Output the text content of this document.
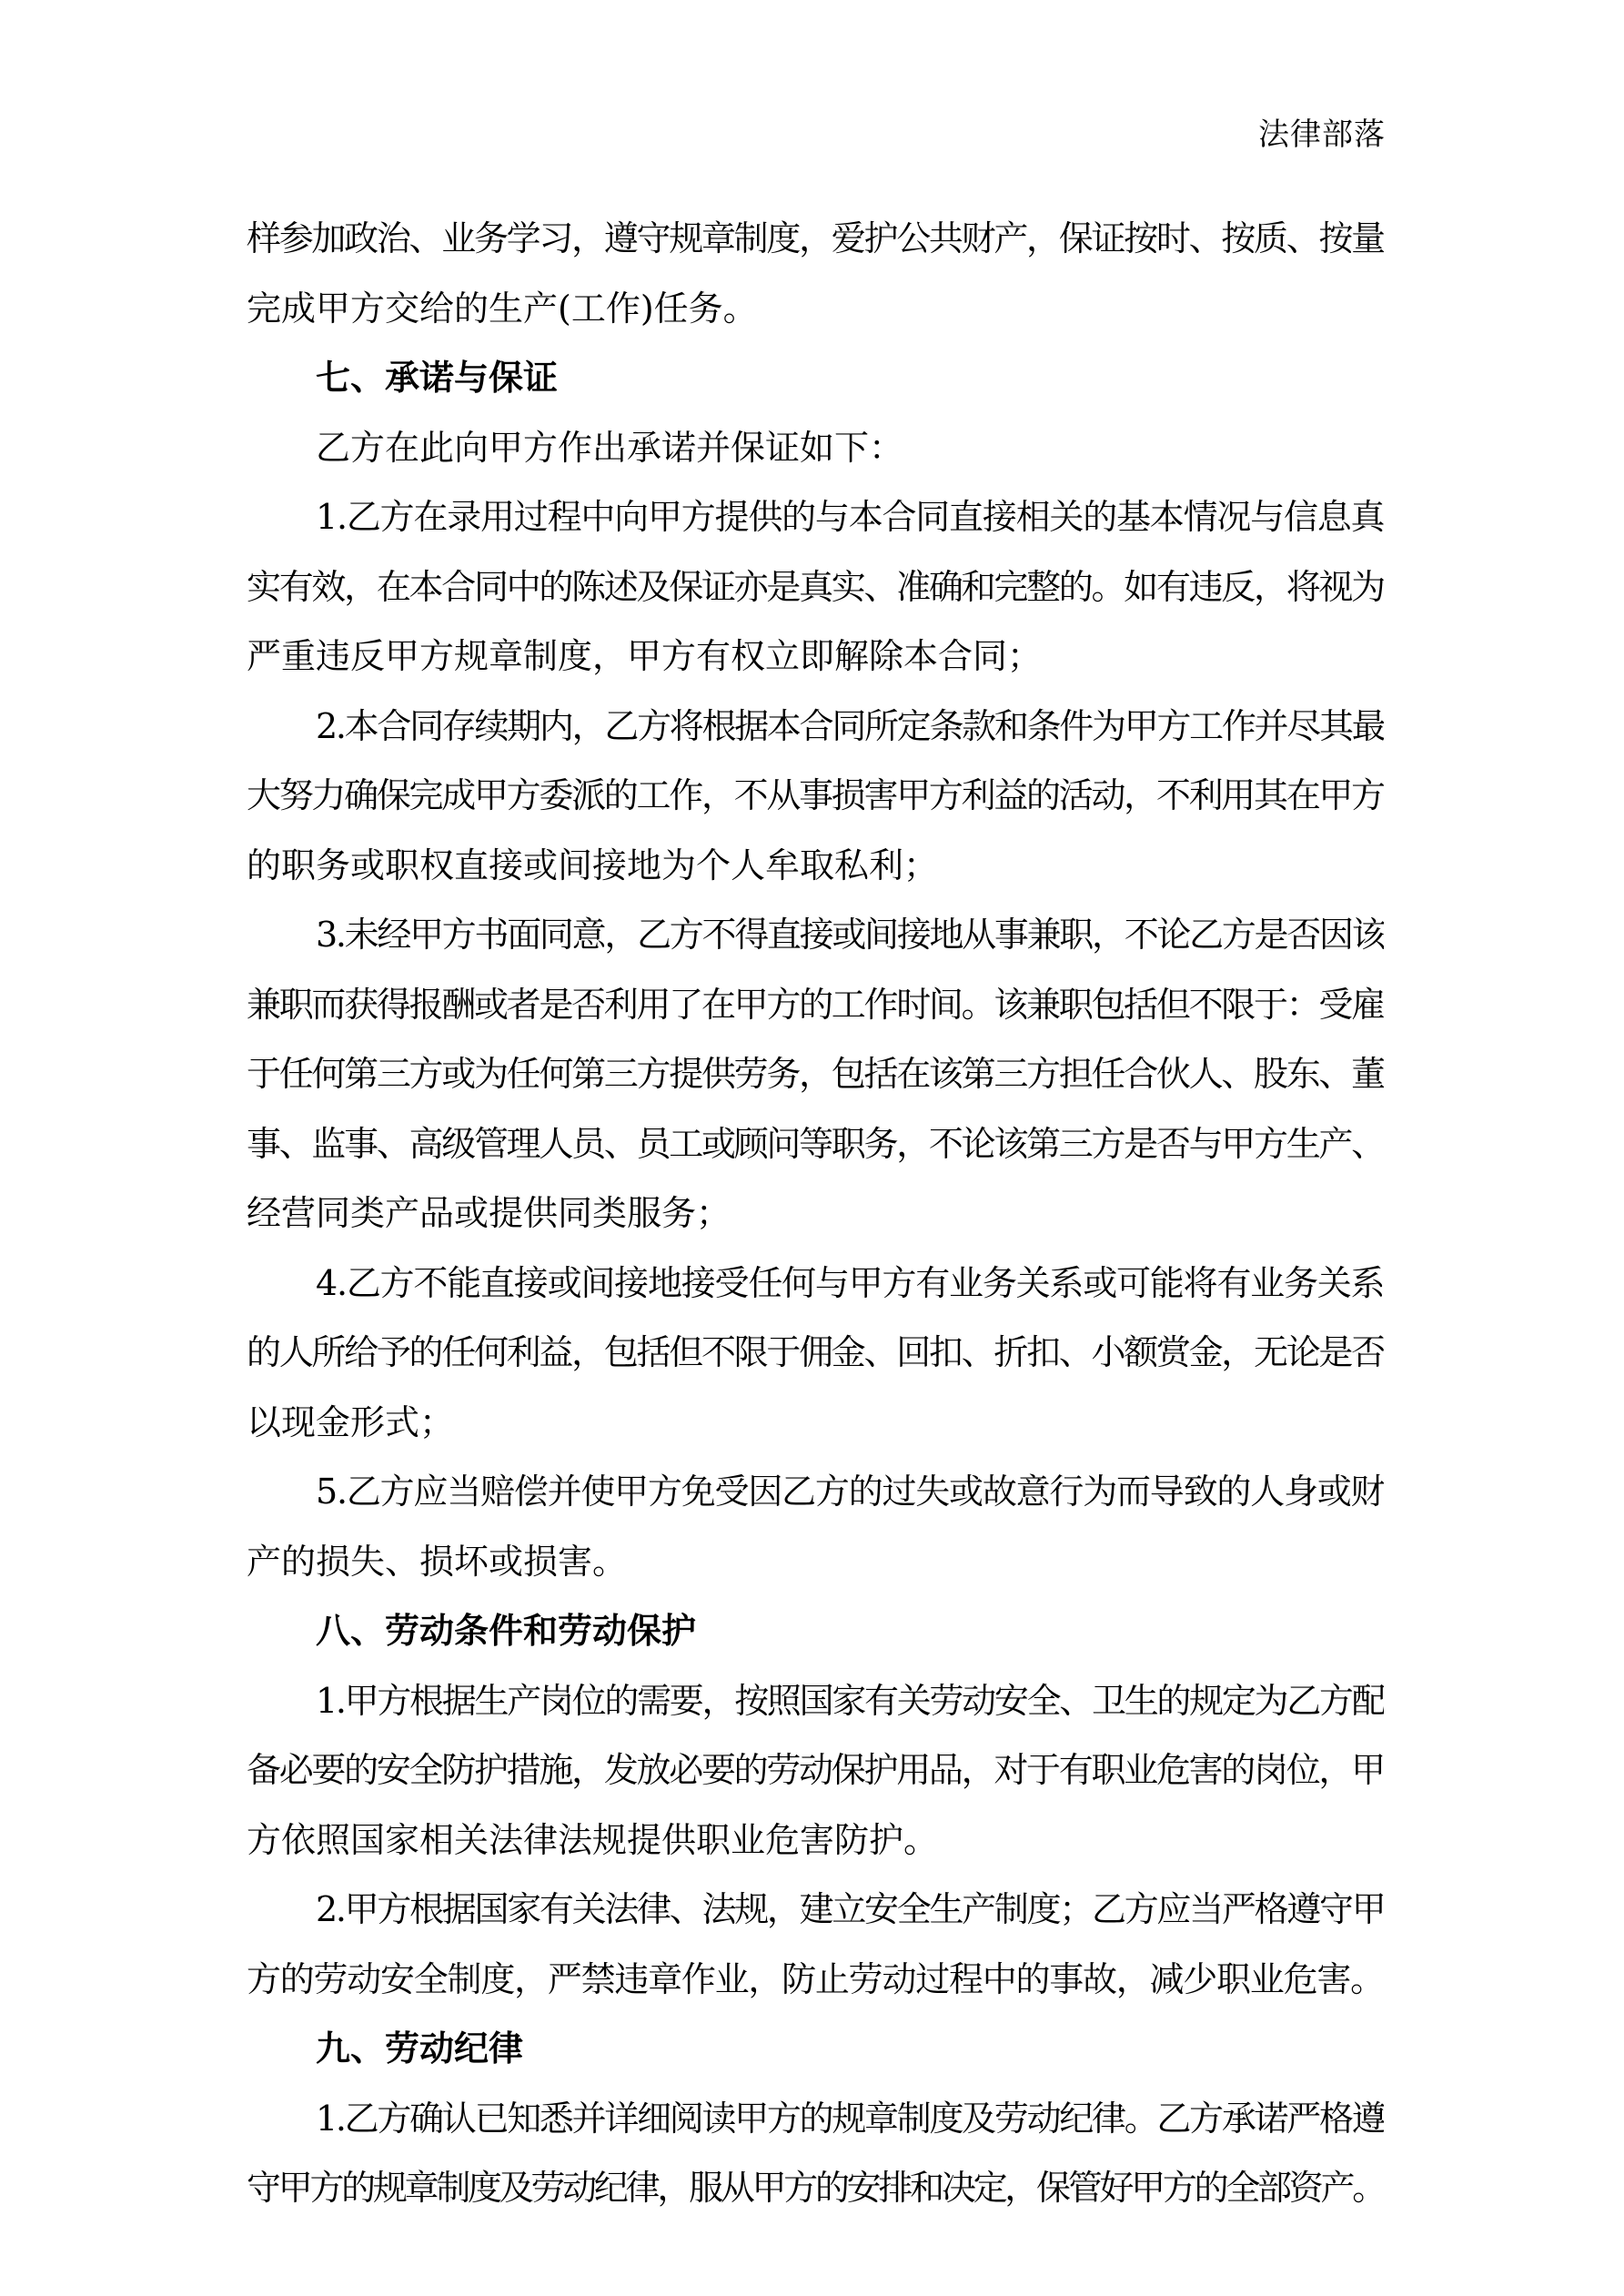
法律部落
样参加政治、业务学习，遵守规章制度，爱护公共财产，保证按时、按质、按量
完成甲方交给的生产(工作)任务。
七、承诺与保证
乙方在此向甲方作出承诺并保证如下：
1.乙方在录用过程中向甲方提供的与本合同直接相关的基本情况与信息真
实有效，在本合同中的陈述及保证亦是真实、准确和完整的。如有违反，将视为
严重违反甲方规章制度，甲方有权立即解除本合同；
2.本合同存续期内，乙方将根据本合同所定条款和条件为甲方工作并尽其最
大努力确保完成甲方委派的工作，不从事损害甲方利益的活动，不利用其在甲方
的职务或职权直接或间接地为个人牟取私利；
3.未经甲方书面同意，乙方不得直接或间接地从事兼职，不论乙方是否因该
兼职而获得报酬或者是否利用了在甲方的工作时间。该兼职包括但不限于：受雇
于任何第三方或为任何第三方提供劳务，包括在该第三方担任合伙人、股东、董
事、监事、高级管理人员、员工或顾问等职务，不论该第三方是否与甲方生产、
经营同类产品或提供同类服务；
4.乙方不能直接或间接地接受任何与甲方有业务关系或可能将有业务关系
的人所给予的任何利益，包括但不限于佣金、回扣、折扣、小额赏金，无论是否
以现金形式；
5.乙方应当赔偿并使甲方免受因乙方的过失或故意行为而导致的人身或财
产的损失、损坏或损害。
八、劳动条件和劳动保护
1.甲方根据生产岗位的需要，按照国家有关劳动安全、卫生的规定为乙方配
备必要的安全防护措施，发放必要的劳动保护用品，对于有职业危害的岗位，甲
方依照国家相关法律法规提供职业危害防护。
2.甲方根据国家有关法律、法规，建立安全生产制度；乙方应当严格遵守甲
方的劳动安全制度，严禁违章作业，防止劳动过程中的事故，减少职业危害。
九、劳动纪律
1.乙方确认已知悉并详细阅读甲方的规章制度及劳动纪律。乙方承诺严格遵
守甲方的规章制度及劳动纪律，服从甲方的安排和决定，保管好甲方的全部资产。
